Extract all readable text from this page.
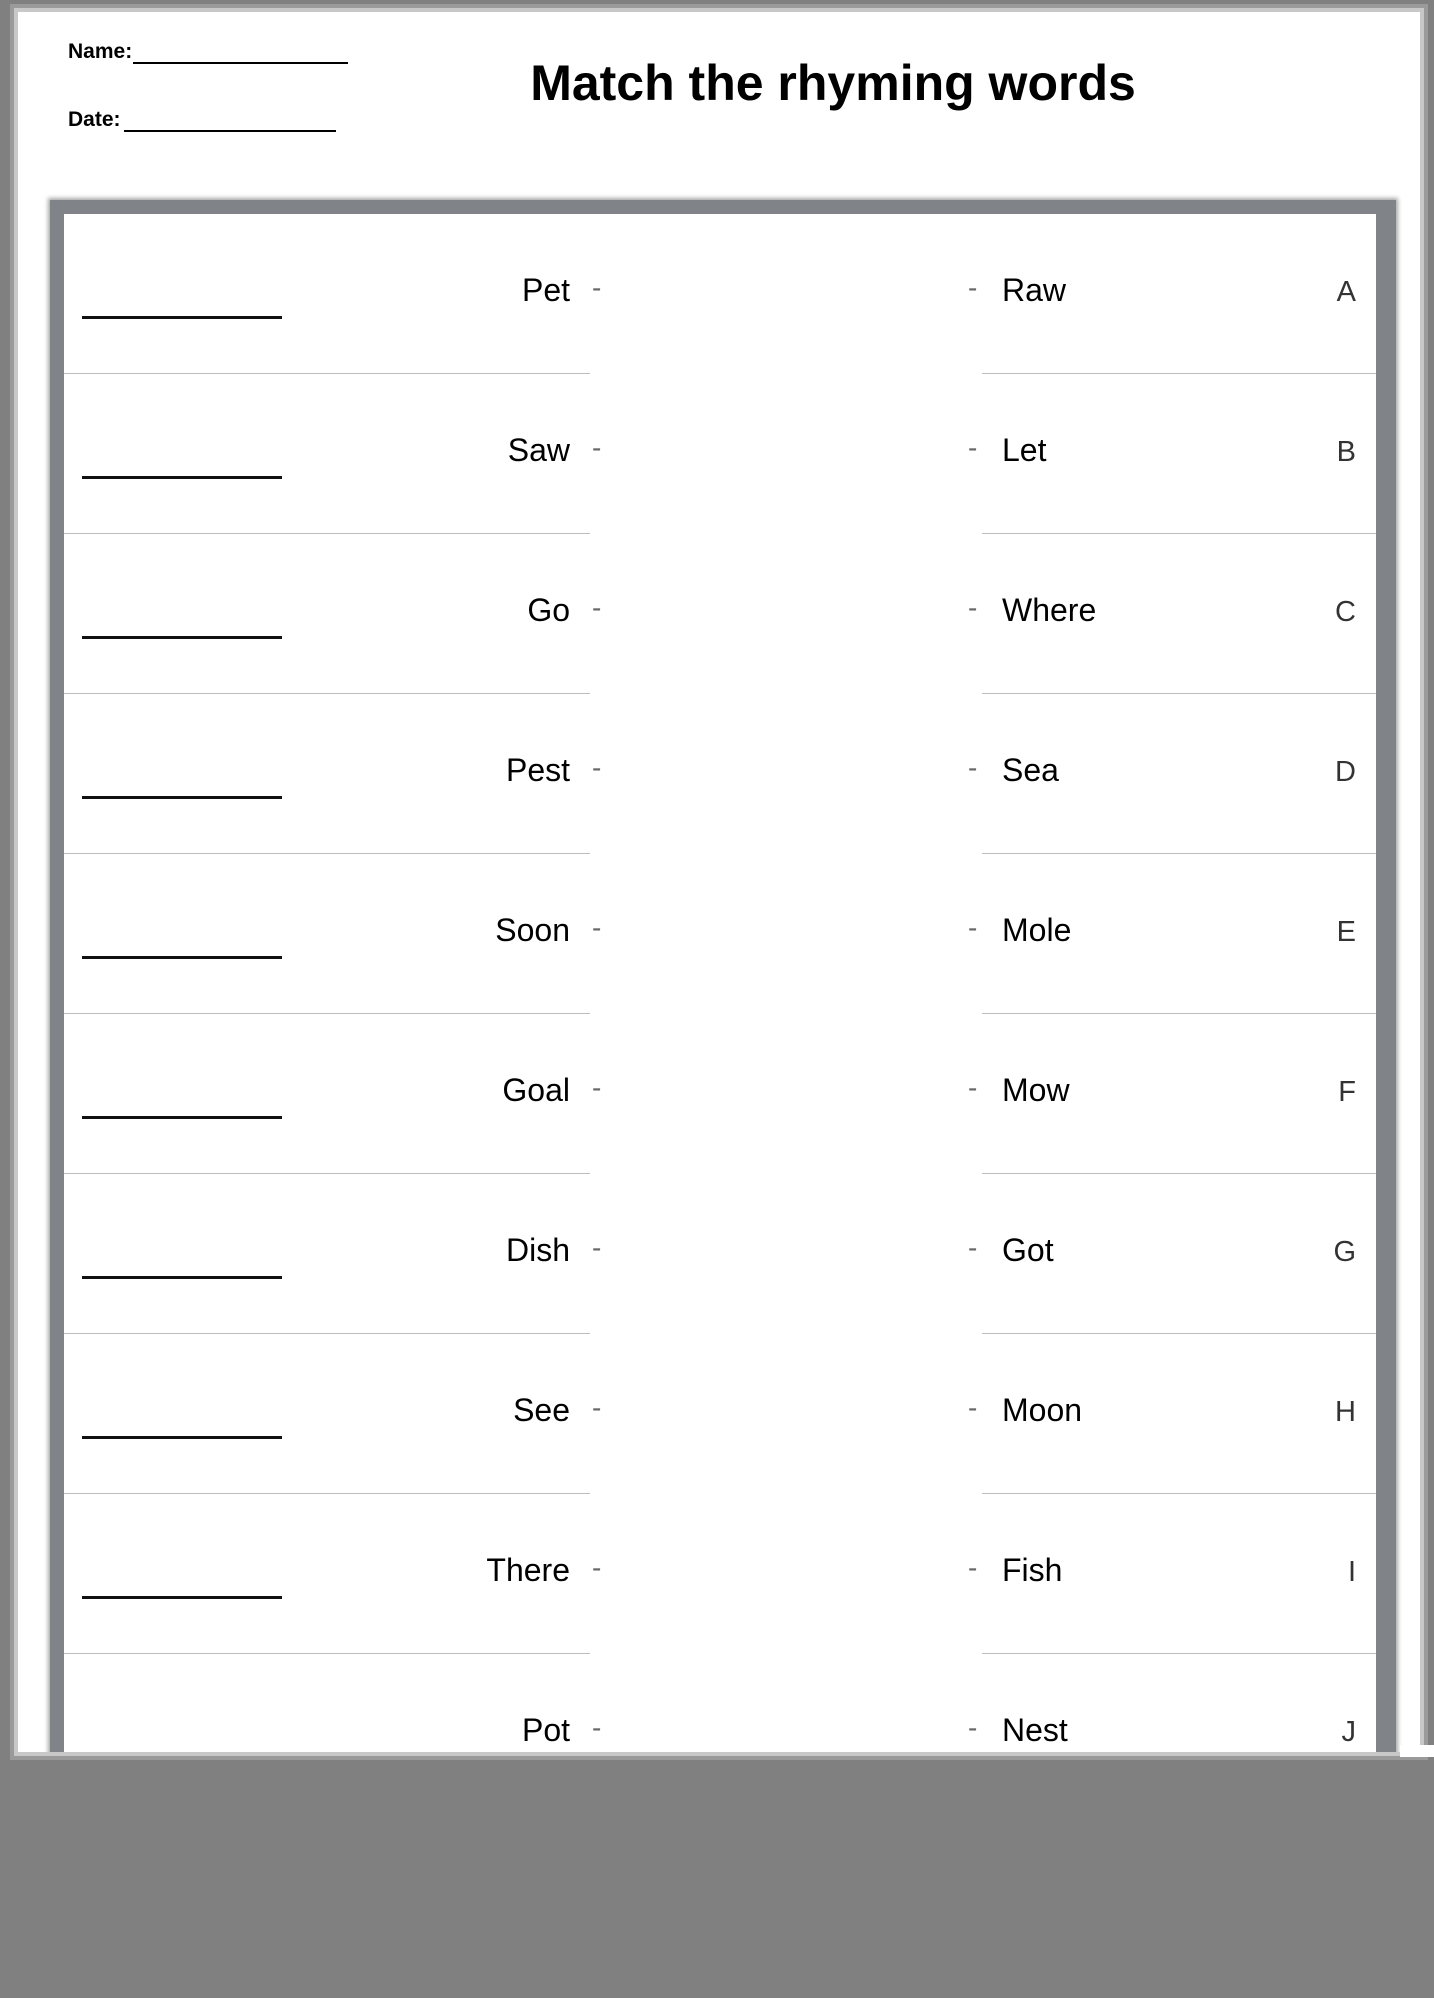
Name:
Date:
Match the rhyming words
Pet -	- Raw	A
Saw -	- Let	B
Go -	- Where	C
Pest -	- Sea	D
Soon -	- Mole	E
Goal -	- Mow	F
Dish -	- Got	G
See -	- Moon	H
There -	- Fish	I
Pot -	- Nest	J
